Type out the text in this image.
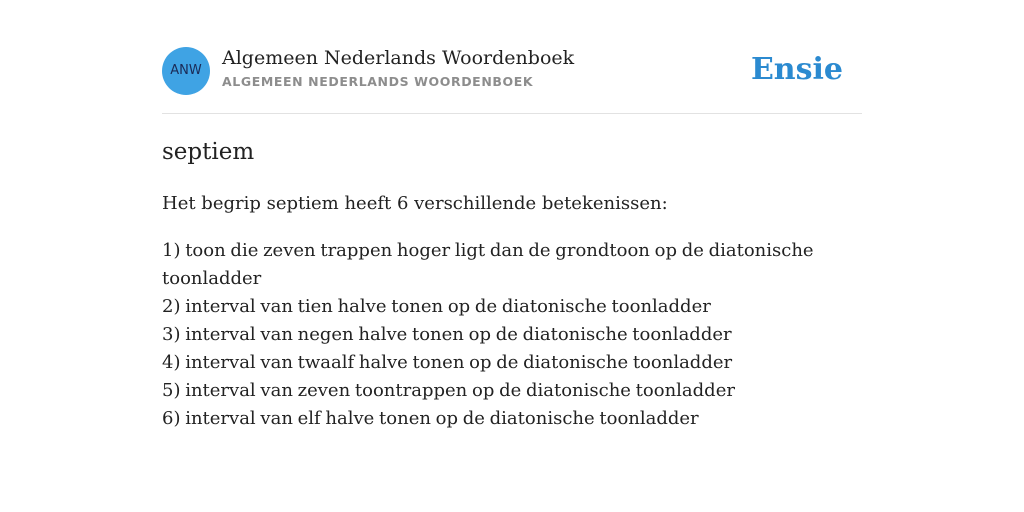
ANW
Algemeen Nederlands Woordenboek
ALGEMEEN NEDERLANDS WOORDENBOEK	Ensie
septiem

Het begrip septiem heeft 6 verschillende betekenissen:

1) toon die zeven trappen hoger ligt dan de grondtoon op de diatonische toonladder
2) interval van tien halve tonen op de diatonische toonladder
3) interval van negen halve tonen op de diatonische toonladder
4) interval van twaalf halve tonen op de diatonische toonladder
5) interval van zeven toontrappen op de diatonische toonladder
6) interval van elf halve tonen op de diatonische toonladder
